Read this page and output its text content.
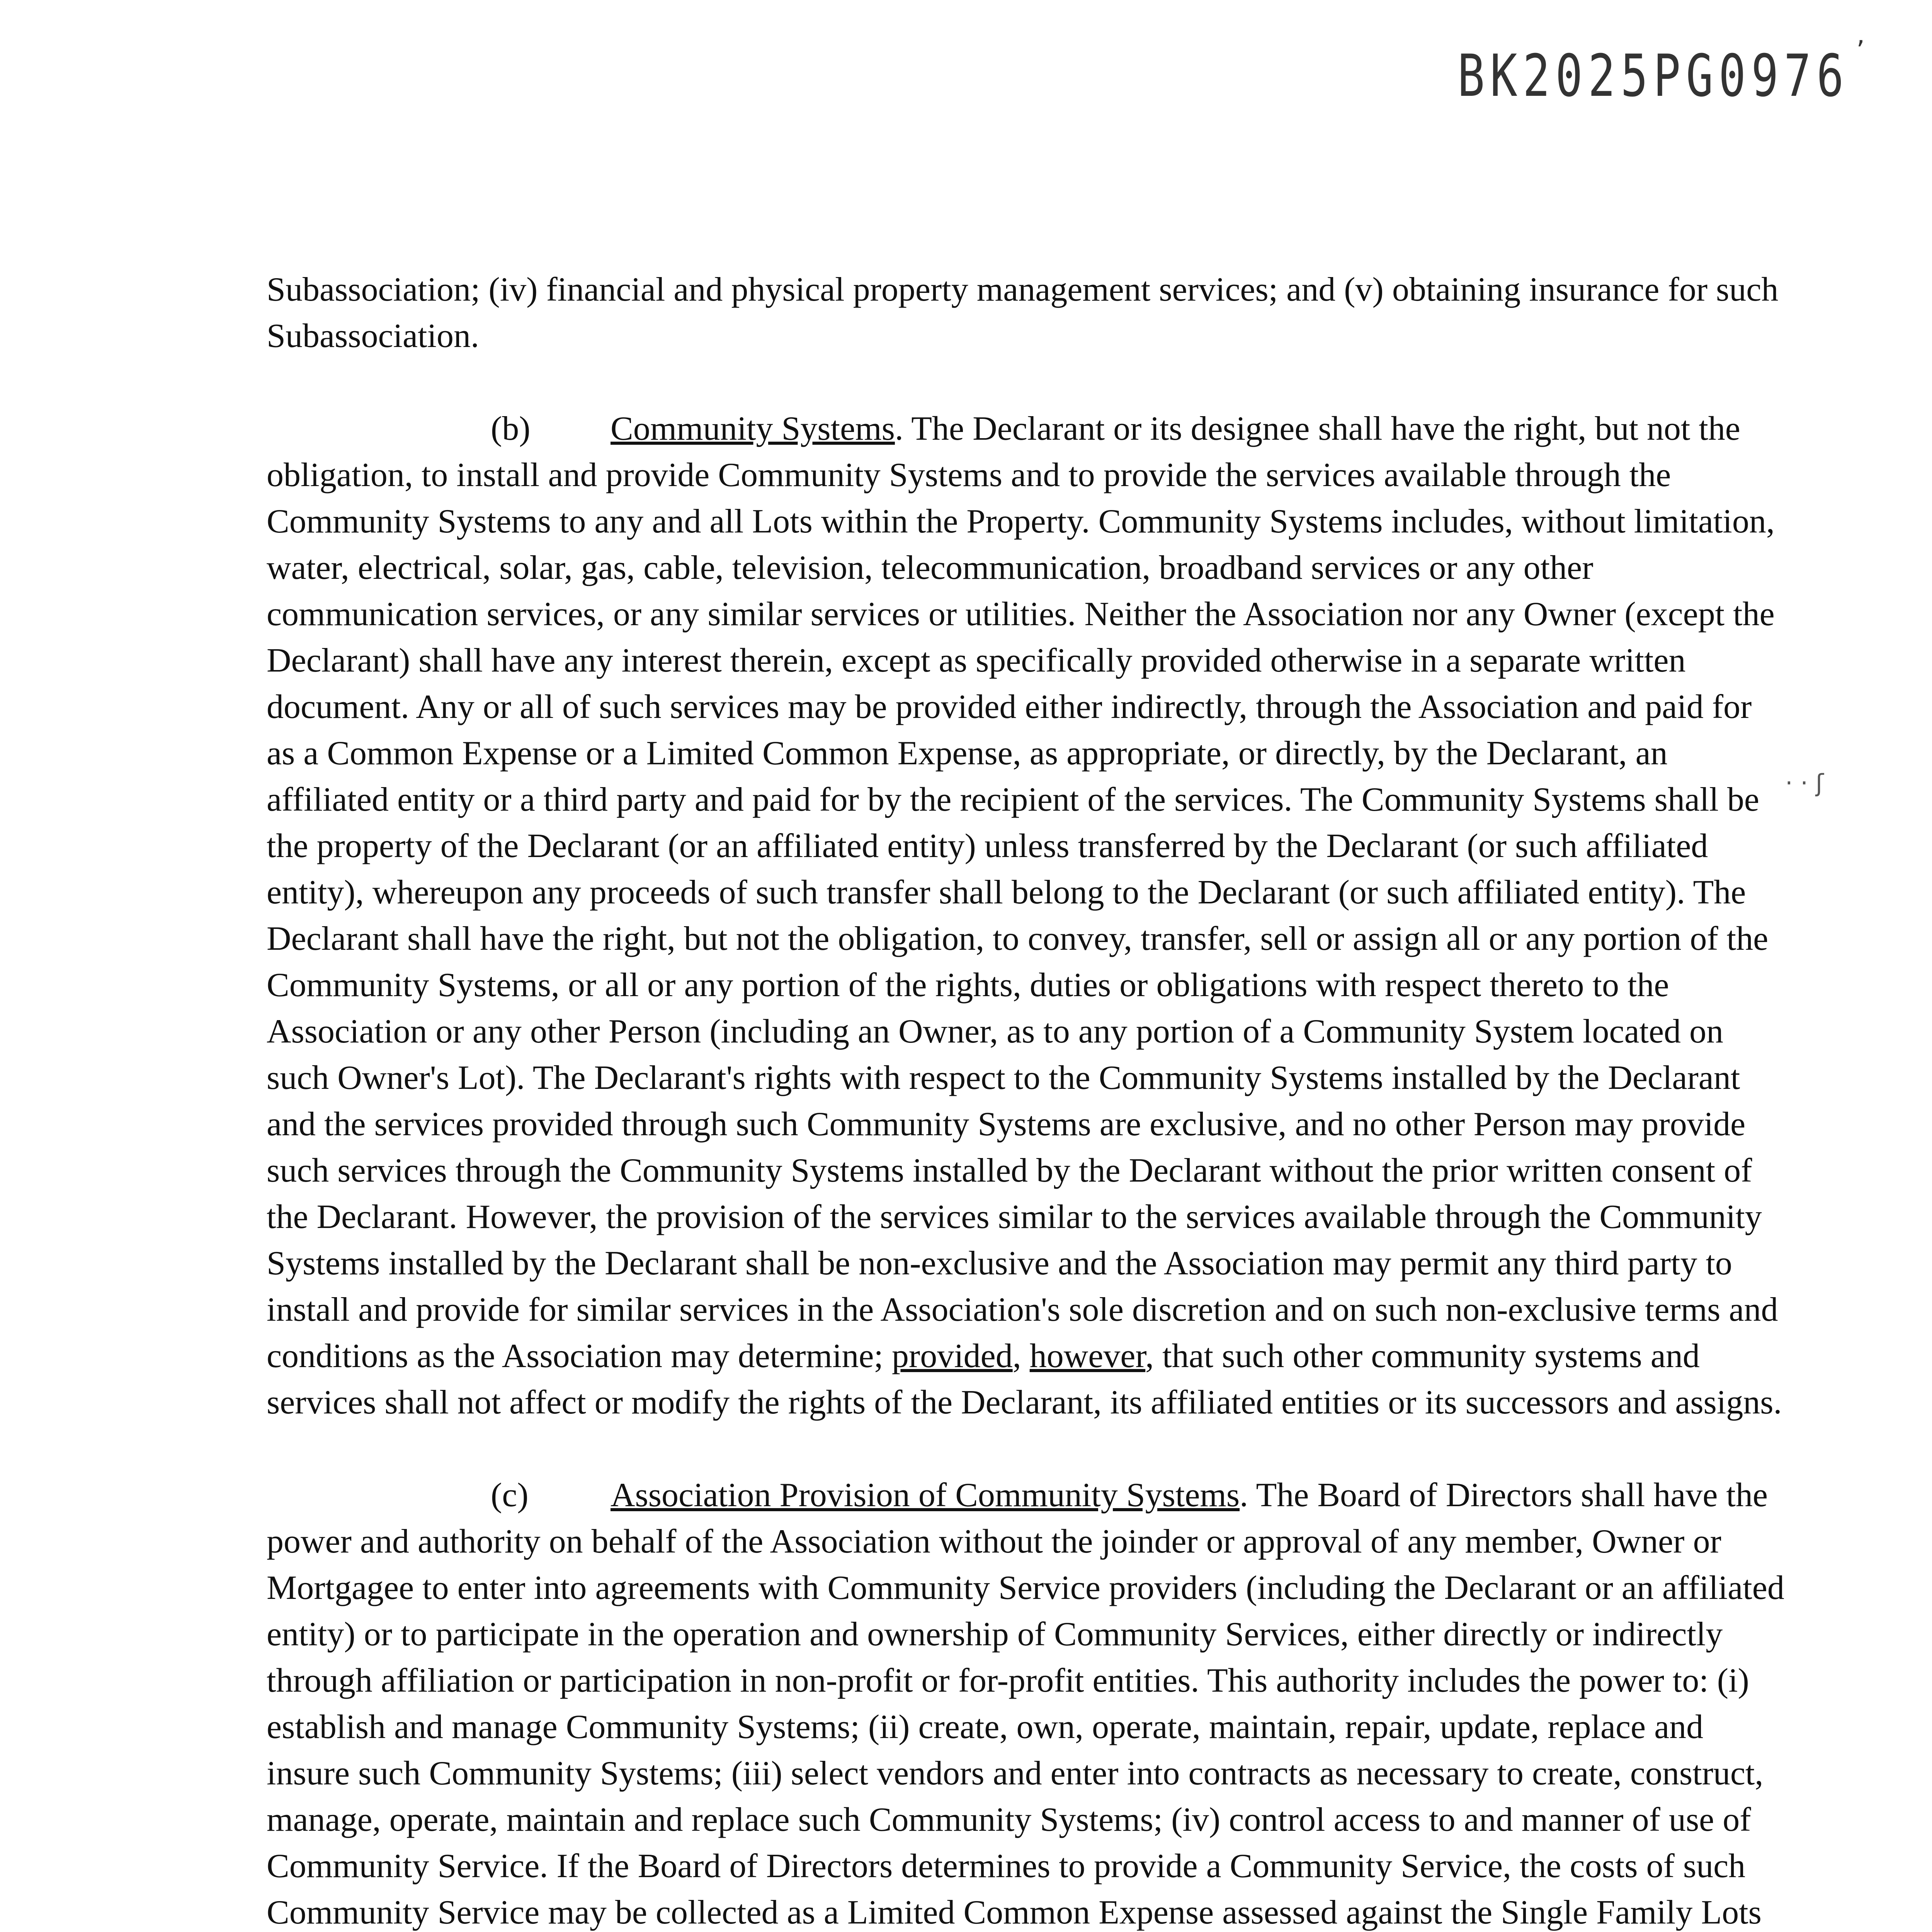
BK2025PG0976 ’
· · ʃ

Subassociation; (iv) financial and physical property management services; and (v) obtaining insurance for such Subassociation.

(b) Community Systems. The Declarant or its designee shall have the right, but not the obligation, to install and provide Community Systems and to provide the services available through the Community Systems to any and all Lots within the Property. Community Systems includes, without limitation, water, electrical, solar, gas, cable, television, telecommunication, broadband services or any other communication services, or any similar services or utilities. Neither the Association nor any Owner (except the Declarant) shall have any interest therein, except as specifically provided otherwise in a separate written document. Any or all of such services may be provided either indirectly, through the Association and paid for as a Common Expense or a Limited Common Expense, as appropriate, or directly, by the Declarant, an affiliated entity or a third party and paid for by the recipient of the services. The Community Systems shall be the property of the Declarant (or an affiliated entity) unless transferred by the Declarant (or such affiliated entity), whereupon any proceeds of such transfer shall belong to the Declarant (or such affiliated entity). The Declarant shall have the right, but not the obligation, to convey, transfer, sell or assign all or any portion of the Community Systems, or all or any portion of the rights, duties or obligations with respect thereto to the Association or any other Person (including an Owner, as to any portion of a Community System located on such Owner's Lot). The Declarant's rights with respect to the Community Systems installed by the Declarant and the services provided through such Community Systems are exclusive, and no other Person may provide such services through the Community Systems installed by the Declarant without the prior written consent of the Declarant. However, the provision of the services similar to the services available through the Community Systems installed by the Declarant shall be non-exclusive and the Association may permit any third party to install and provide for similar services in the Association's sole discretion and on such non-exclusive terms and conditions as the Association may determine; provided, however, that such other community systems and services shall not affect or modify the rights of the Declarant, its affiliated entities or its successors and assigns.

(c) Association Provision of Community Systems. The Board of Directors shall have the power and authority on behalf of the Association without the joinder or approval of any member, Owner or Mortgagee to enter into agreements with Community Service providers (including the Declarant or an affiliated entity) or to participate in the operation and ownership of Community Services, either directly or indirectly through affiliation or participation in non-profit or for-profit entities. This authority includes the power to: (i) establish and manage Community Systems; (ii) create, own, operate, maintain, repair, update, replace and insure such Community Systems; (iii) select vendors and enter into contracts as necessary to create, construct, manage, operate, maintain and replace such Community Systems; (iv) control access to and manner of use of Community Service. If the Board of Directors determines to provide a Community Service, the costs of such Community Service may be collected as a Limited Common Expense assessed against the Single Family Lots
